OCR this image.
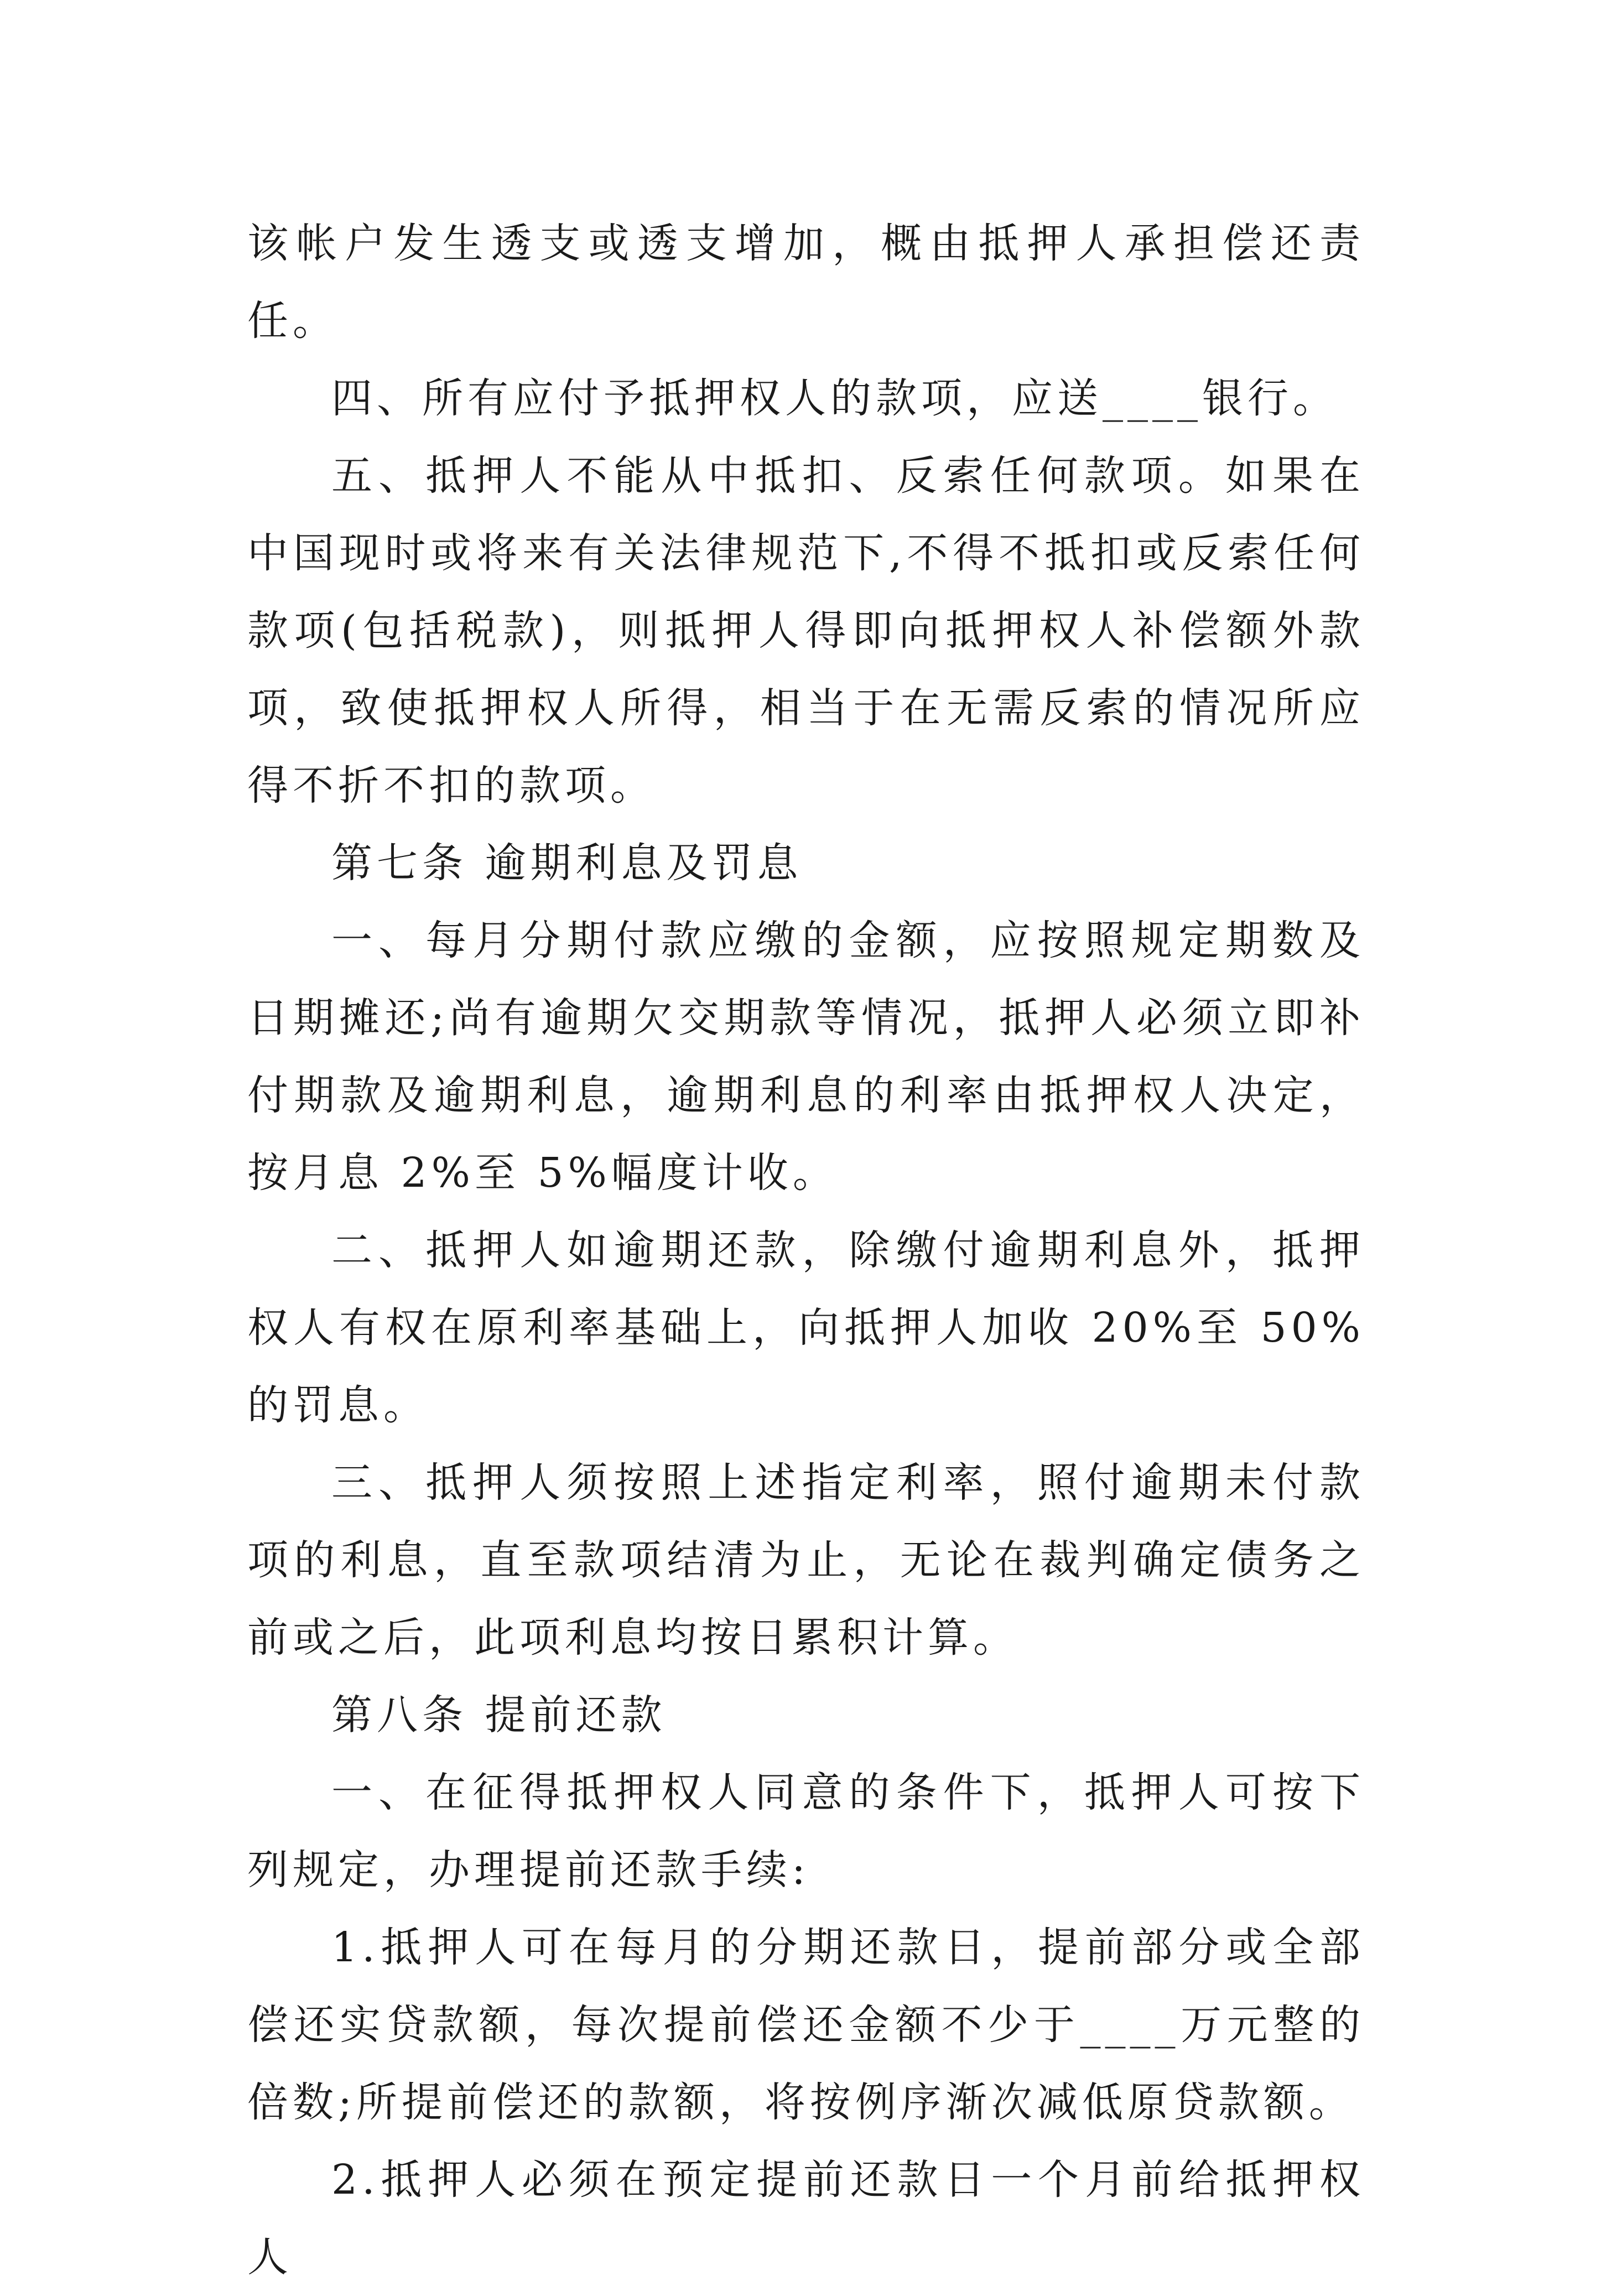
该帐户发生透支或透支增加，概由抵押人承担偿还责任。

四、所有应付予抵押权人的款项，应送____银行。

五、抵押人不能从中抵扣、反索任何款项。如果在中国现时或将来有关法律规范下,不得不抵扣或反索任何款项(包括税款)，则抵押人得即向抵押权人补偿额外款项，致使抵押权人所得，相当于在无需反索的情况所应得不折不扣的款项。

第七条 逾期利息及罚息

一、每月分期付款应缴的金额，应按照规定期数及日期摊还;尚有逾期欠交期款等情况，抵押人必须立即补付期款及逾期利息，逾期利息的利率由抵押权人决定，按月息 2%至 5%幅度计收。

二、抵押人如逾期还款，除缴付逾期利息外，抵押权人有权在原利率基础上，向抵押人加收 20%至 50%的罚息。

三、抵押人须按照上述指定利率，照付逾期未付款项的利息，直至款项结清为止，无论在裁判确定债务之前或之后，此项利息均按日累积计算。

第八条 提前还款

一、在征得抵押权人同意的条件下，抵押人可按下列规定，办理提前还款手续:

1.抵押人可在每月的分期还款日，提前部分或全部偿还实贷款额，每次提前偿还金额不少于____万元整的倍数;所提前偿还的款额，将按例序渐次减低原贷款额。

2.抵押人必须在预定提前还款日一个月前给抵押权人
